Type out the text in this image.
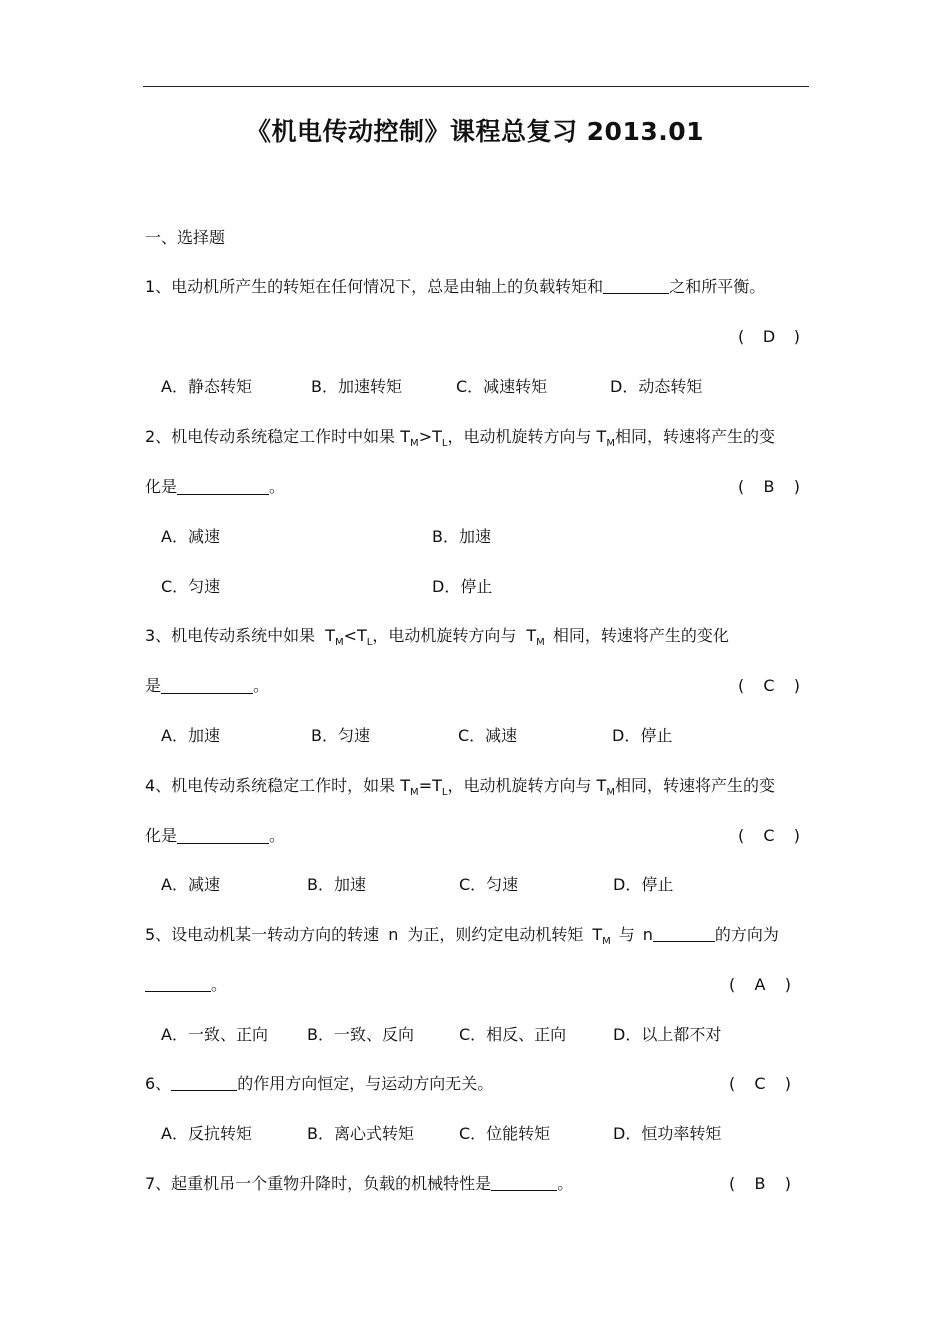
《机电传动控制》课程总复习 2013.01
一、选择题
1、电动机所产生的转矩在任何情况下，总是由轴上的负载转矩和	之和所平衡。
( D )
A．静态转矩	B．加速转矩	C．减速转矩	D．动态转矩
2、机电传动系统稳定工作时中如果 $T_M>T_L$，电动机旋转方向与 $T_M$相同，转速将产生的变
化是	。	( B )
A．减速	B．加速
C．匀速	D．停止
3、机电传动系统中如果 $T_M<T_L$，电动机旋转方向与 $T_M$ 相同，转速将产生的变化
是	。	( C )
A．加速	B．匀速	C．减速	D．停止
4、机电传动系统稳定工作时，如果 $T_M=T_L$，电动机旋转方向与 $T_M$相同，转速将产生的变
化是	。	( C )
A．减速	B．加速	C．匀速	D．停止
5、设电动机某一转动方向的转速 n 为正，则约定电动机转矩 $T_M$ 与 n	的方向为
。	( A )
A．一致、正向 B．一致、反向	C．相反、正向	D．以上都不对
6、	的作用方向恒定，与运动方向无关。	( C )
A．反抗转矩	B．离心式转矩	C．位能转矩	D．恒功率转矩
7、起重机吊一个重物升降时，负载的机械特性是	。	( B )
